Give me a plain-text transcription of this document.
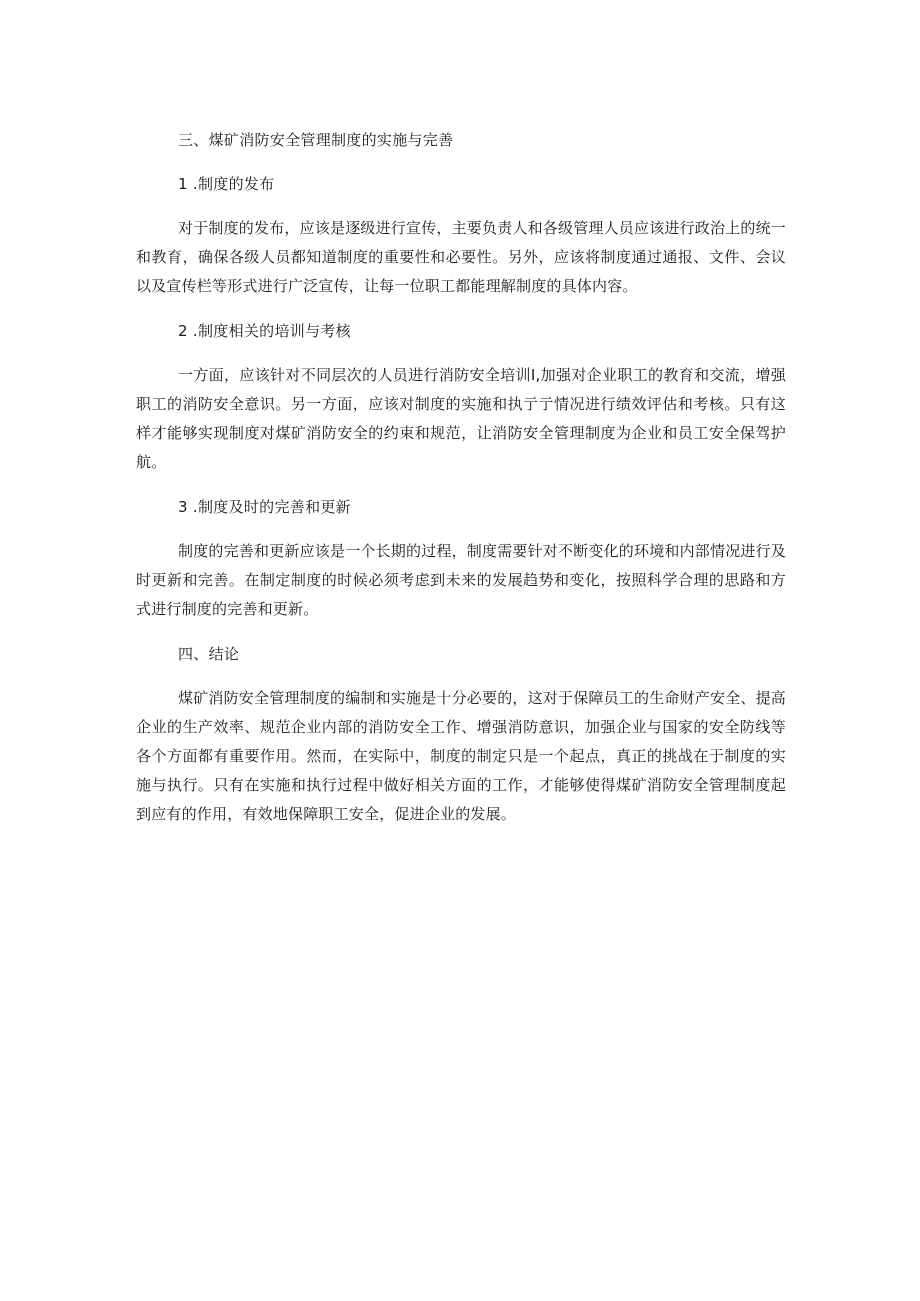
三、煤矿消防安全管理制度的实施与完善
1 .制度的发布

对于制度的发布，应该是逐级进行宣传，主要负责人和各级管理人员应该进行政治上的统一和教育，确保各级人员都知道制度的重要性和必要性。另外，应该将制度通过通报、文件、会议以及宣传栏等形式进行广泛宣传，让每一位职工都能理解制度的具体内容。

2 .制度相关的培训与考核

一方面，应该针对不同层次的人员进行消防安全培训I,加强对企业职工的教育和交流，增强职工的消防安全意识。另一方面，应该对制度的实施和执亍亍情况进行绩效评估和考核。只有这样才能够实现制度对煤矿消防安全的约束和规范，让消防安全管理制度为企业和员工安全保驾护航。

3 .制度及时的完善和更新

制度的完善和更新应该是一个长期的过程，制度需要针对不断变化的环境和内部情况进行及时更新和完善。在制定制度的时候必须考虑到未来的发展趋势和变化，按照科学合理的思路和方式进行制度的完善和更新。

四、结论

煤矿消防安全管理制度的编制和实施是十分必要的，这对于保障员工的生命财产安全、提高企业的生产效率、规范企业内部的消防安全工作、增强消防意识，加强企业与国家的安全防线等各个方面都有重要作用。然而，在实际中，制度的制定只是一个起点，真正的挑战在于制度的实施与执行。只有在实施和执行过程中做好相关方面的工作，才能够使得煤矿消防安全管理制度起到应有的作用，有效地保障职工安全，促进企业的发展。
